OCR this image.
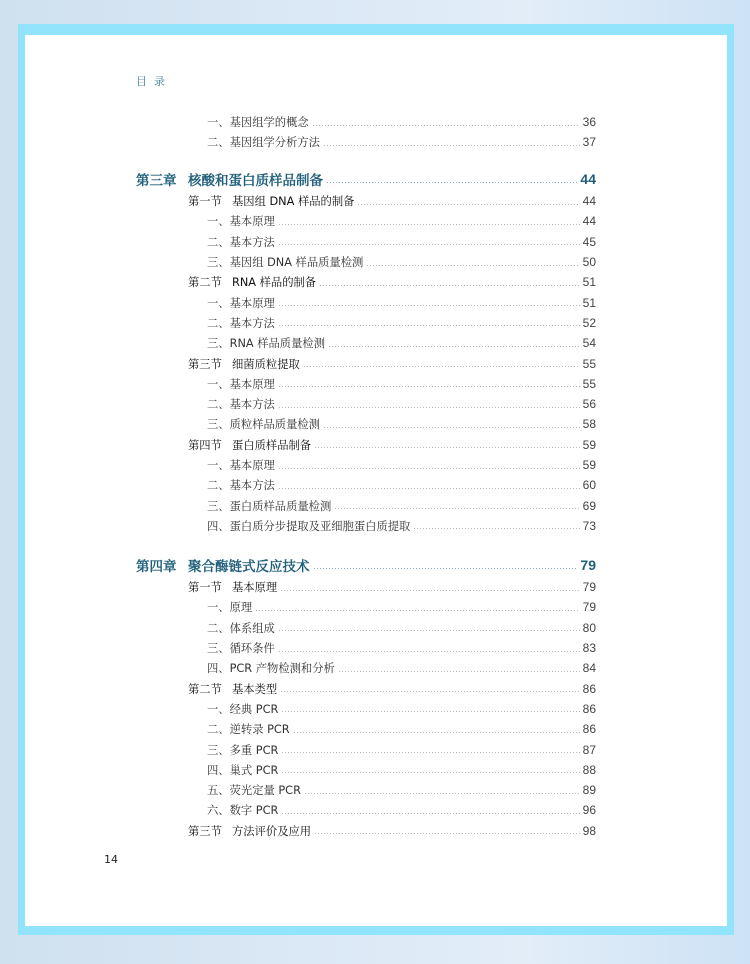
目录
一、基因组学的概念	36
二、基因组学分析方法	37
第三章 核酸和蛋白质样品制备	44
第一节 基因组 DNA 样品的制备	44
一、基本原理	44
二、基本方法	45
三、基因组 DNA 样品质量检测	50
第二节 RNA 样品的制备	51
一、基本原理	51
二、基本方法	52
三、RNA 样品质量检测	54
第三节 细菌质粒提取	55
一、基本原理	55
二、基本方法	56
三、质粒样品质量检测	58
第四节 蛋白质样品制备	59
一、基本原理	59
二、基本方法	60
三、蛋白质样品质量检测	69
四、蛋白质分步提取及亚细胞蛋白质提取	73
第四章 聚合酶链式反应技术	79
第一节 基本原理	79
一、原理	79
二、体系组成	80
三、循环条件	83
四、PCR 产物检测和分析	84
第二节 基本类型	86
一、经典 PCR	86
二、逆转录 PCR	86
三、多重 PCR	87
四、巢式 PCR	88
五、荧光定量 PCR	89
六、数字 PCR	96
第三节 方法评价及应用	98
14
